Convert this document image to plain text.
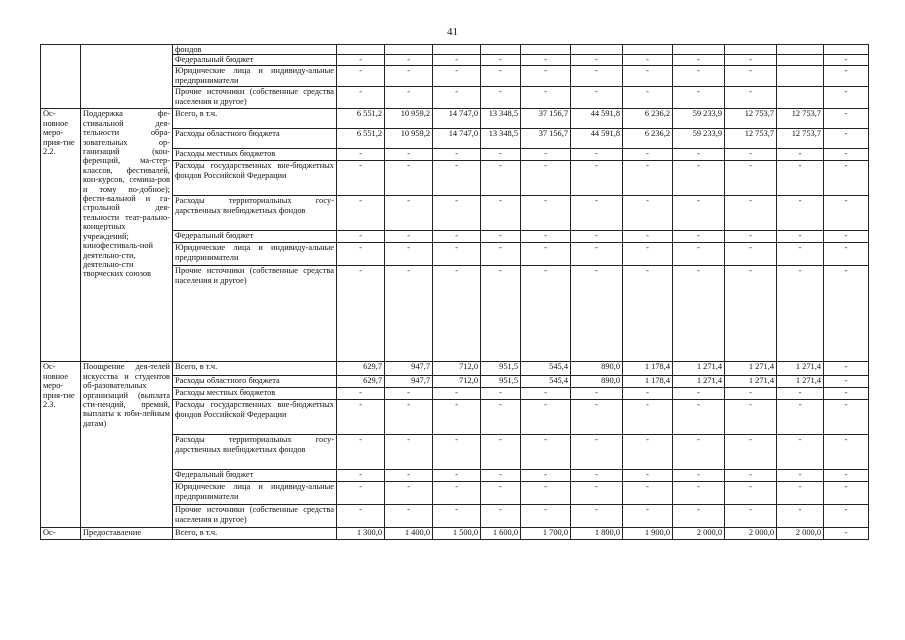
41
		фондов											
		Федеральный бюджет	-	-	-	-	-	-	-	-	-		-
		Юридические лица и индивиду-альные предприниматели	-	-	-	-	-	-	-	-	-		-
		Прочие источники (собственные средства населения и другое)	-	-	-	-	-	-	-	-	-		-
Ос-новное меро-прия-тие 2.2.	Поддержка фе-стивальной дея-тельности обра-зовательных ор-ганизаций (кон-ференций, ма-стер-классов, фестивалей, кон-курсов, семина-ров и тому по-добное); фести-вальной и га-строльной дея-тельности теат-рально-концертных учреждений; кинофестиваль-ной деятельно-сти, деятельно-сти творческих союзов	Всего, в т.ч.	6 551,2	10 959,2	14 747,0	13 348,5	37 156,7	44 591,8	6 236,2	59 233,9	12 753,7	12 753,7	-
		Расходы областного бюджета	6 551,2	10 959,2	14 747,0	13 348,5	37 156,7	44 591,8	6 236,2	59 233,9	12 753,7	12 753,7	-
		Расходы местных бюджетов	-	-	-	-	-	-	-	-	-	-	-
		Расходы государственных вне-бюджетных фондов Российской Федерации	-	-	-	-	-	-	-	-	-	-	-
		Расходы территориальных госу-дарственных внебюджетных фондов	-	-	-	-	-	-	-	-	-	-	-
		Федеральный бюджет	-	-	-	-	-	-	-	-	-	-	-
		Юридические лица и индивиду-альные предприниматели	-	-	-	-	-	-	-	-	-	-	-
		Прочие источники (собственные средства населения и другое)	-	-	-	-	-	-	-	-	-	-	-
Ос-новное меро-прия-тие 2.3.	Поощрение дея-телей искусства и студентов об-разовательных организаций (выплата сти-пендий, премий, выплаты к юби-лейным датам)	Всего, в т.ч.	629,7	947,7	712,0	951,5	545,4	890,0	1 178,4	1 271,4	1 271,4	1 271,4	-
		Расходы областного бюджета	629,7	947,7	712,0	951,5	545,4	890,0	1 178,4	1 271,4	1 271,4	1 271,4	-
		Расходы местных бюджетов	-	-	-	-	-	-	-	-	-	-	-
		Расходы государственных вне-бюджетных фондов Российской Федерации	-	-	-	-	-	-	-	-	-	-	-
		Расходы территориальных госу-дарственных внебюджетных фондов	-	-	-	-	-	-	-	-	-	-	-
		Федеральный бюджет	-	-	-	-	-	-	-	-	-	-	-
		Юридические лица и индивиду-альные предприниматели	-	-	-	-	-	-	-	-	-	-	-
		Прочие источники (собственные средства населения и другое)	-	-	-	-	-	-	-	-	-	-	-
Ос-	Предоставление	Всего, в т.ч.	1 300,0	1 400,0	1 500,0	1 600,0	1 700,0	1 800,0	1 900,0	2 000,0	2 000,0	2 000,0	-
